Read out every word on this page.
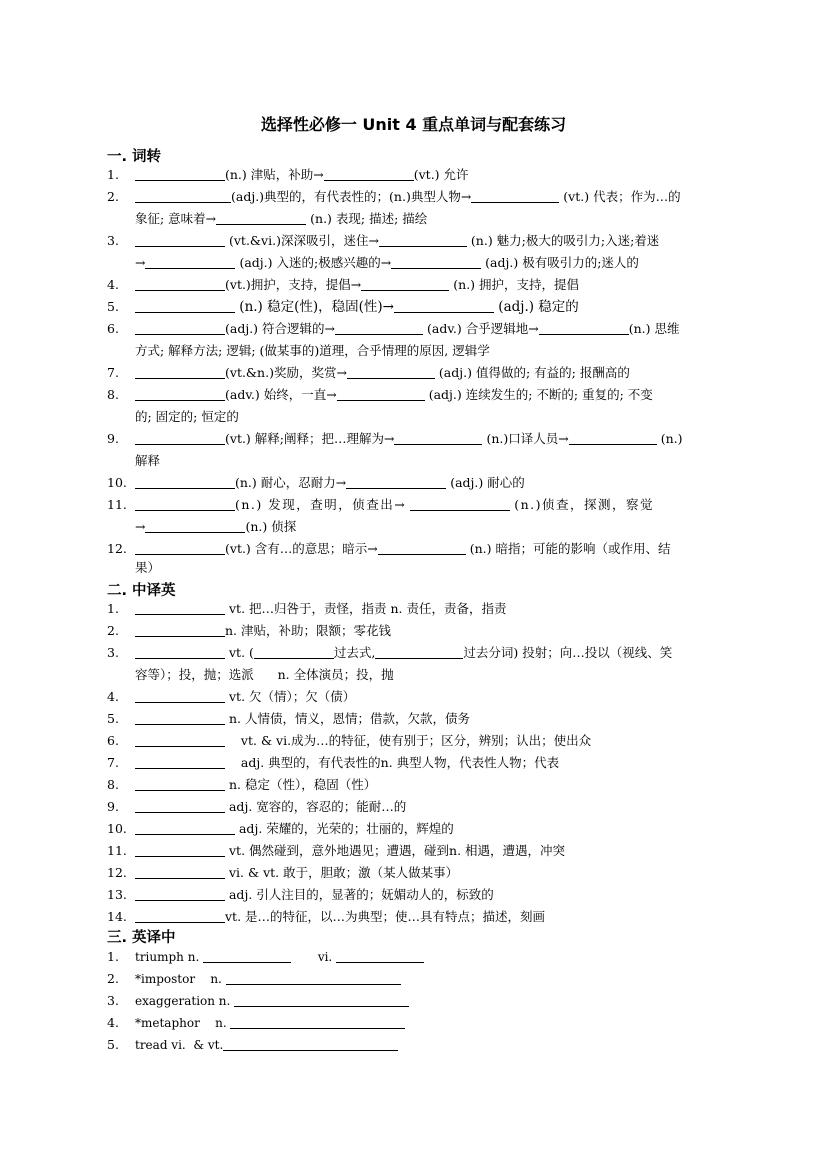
选择性必修一 Unit 4 重点单词与配套练习
一. 词转
1.	(n.) 津贴，补助→	(vt.) 允许
2.	(adj.)典型的，有代表性的；(n.)典型人物→	(vt.) 代表；作为…的
象征; 意味着→	(n.) 表现; 描述; 描绘
3.	(vt.&vi.)深深吸引，迷住→	(n.) 魅力;极大的吸引力;入迷;着迷
→	(adj.) 入迷的;极感兴趣的→	(adj.) 极有吸引力的;迷人的
4.	(vt.)拥护，支持，提倡→	(n.) 拥护，支持，提倡
5.	(n.) 稳定(性)，稳固(性)→	(adj.) 稳定的
6.	(adj.) 符合逻辑的→	(adv.) 合乎逻辑地→	(n.) 思维
方式; 解释方法; 逻辑; (做某事的)道理，合乎情理的原因, 逻辑学
7.	(vt.&n.)奖励，奖赏→	(adj.) 值得做的; 有益的; 报酬高的
8.	(adv.) 始终，一直→	(adj.) 连续发生的; 不断的; 重复的; 不变
的; 固定的; 恒定的
9.	(vt.) 解释;阐释；把…理解为→	(n.)口译人员→	(n.)
解释
10.	(n.) 耐心，忍耐力→	(adj.) 耐心的
11.	(n.) 发现，查明，侦查出→	(n.)侦查，探测，察觉
→	(n.) 侦探
12.	(vt.) 含有…的意思；暗示→	(n.) 暗指；可能的影响（或作用、结
果）
二. 中译英
1.	vt. 把…归咎于，责怪，指责 n. 责任，责备，指责
2.	n. 津贴，补助；限额；零花钱
3.	vt. (	过去式,	过去分词) 投射；向…投以（视线、笑
容等）；投，抛；选派      n. 全体演员；投，抛
4.	vt. 欠（情）；欠（债）
5.	n. 人情债，情义，恩情；借款，欠款，债务
6.	vt. & vi.成为…的特征，使有别于；区分，辨别；认出；使出众
7.	adj. 典型的，有代表性的n. 典型人物，代表性人物；代表
8.	n. 稳定（性），稳固（性）
9.	adj. 宽容的，容忍的；能耐…的
10.	adj. 荣耀的，光荣的；壮丽的，辉煌的
11.	vt. 偶然碰到，意外地遇见；遭遇，碰到n. 相遇，遭遇，冲突
12.	vi. & vt. 敢于，胆敢；激（某人做某事）
13.	adj. 引人注目的，显著的；妩媚动人的，标致的
14.	vt. 是…的特征，以…为典型；使…具有特点；描述，刻画
三. 英译中
1.	triumph n.	vi.
2.	*impostor    n.
3.	exaggeration n.
4.	*metaphor    n.
5.	tread vi.  & vt.
